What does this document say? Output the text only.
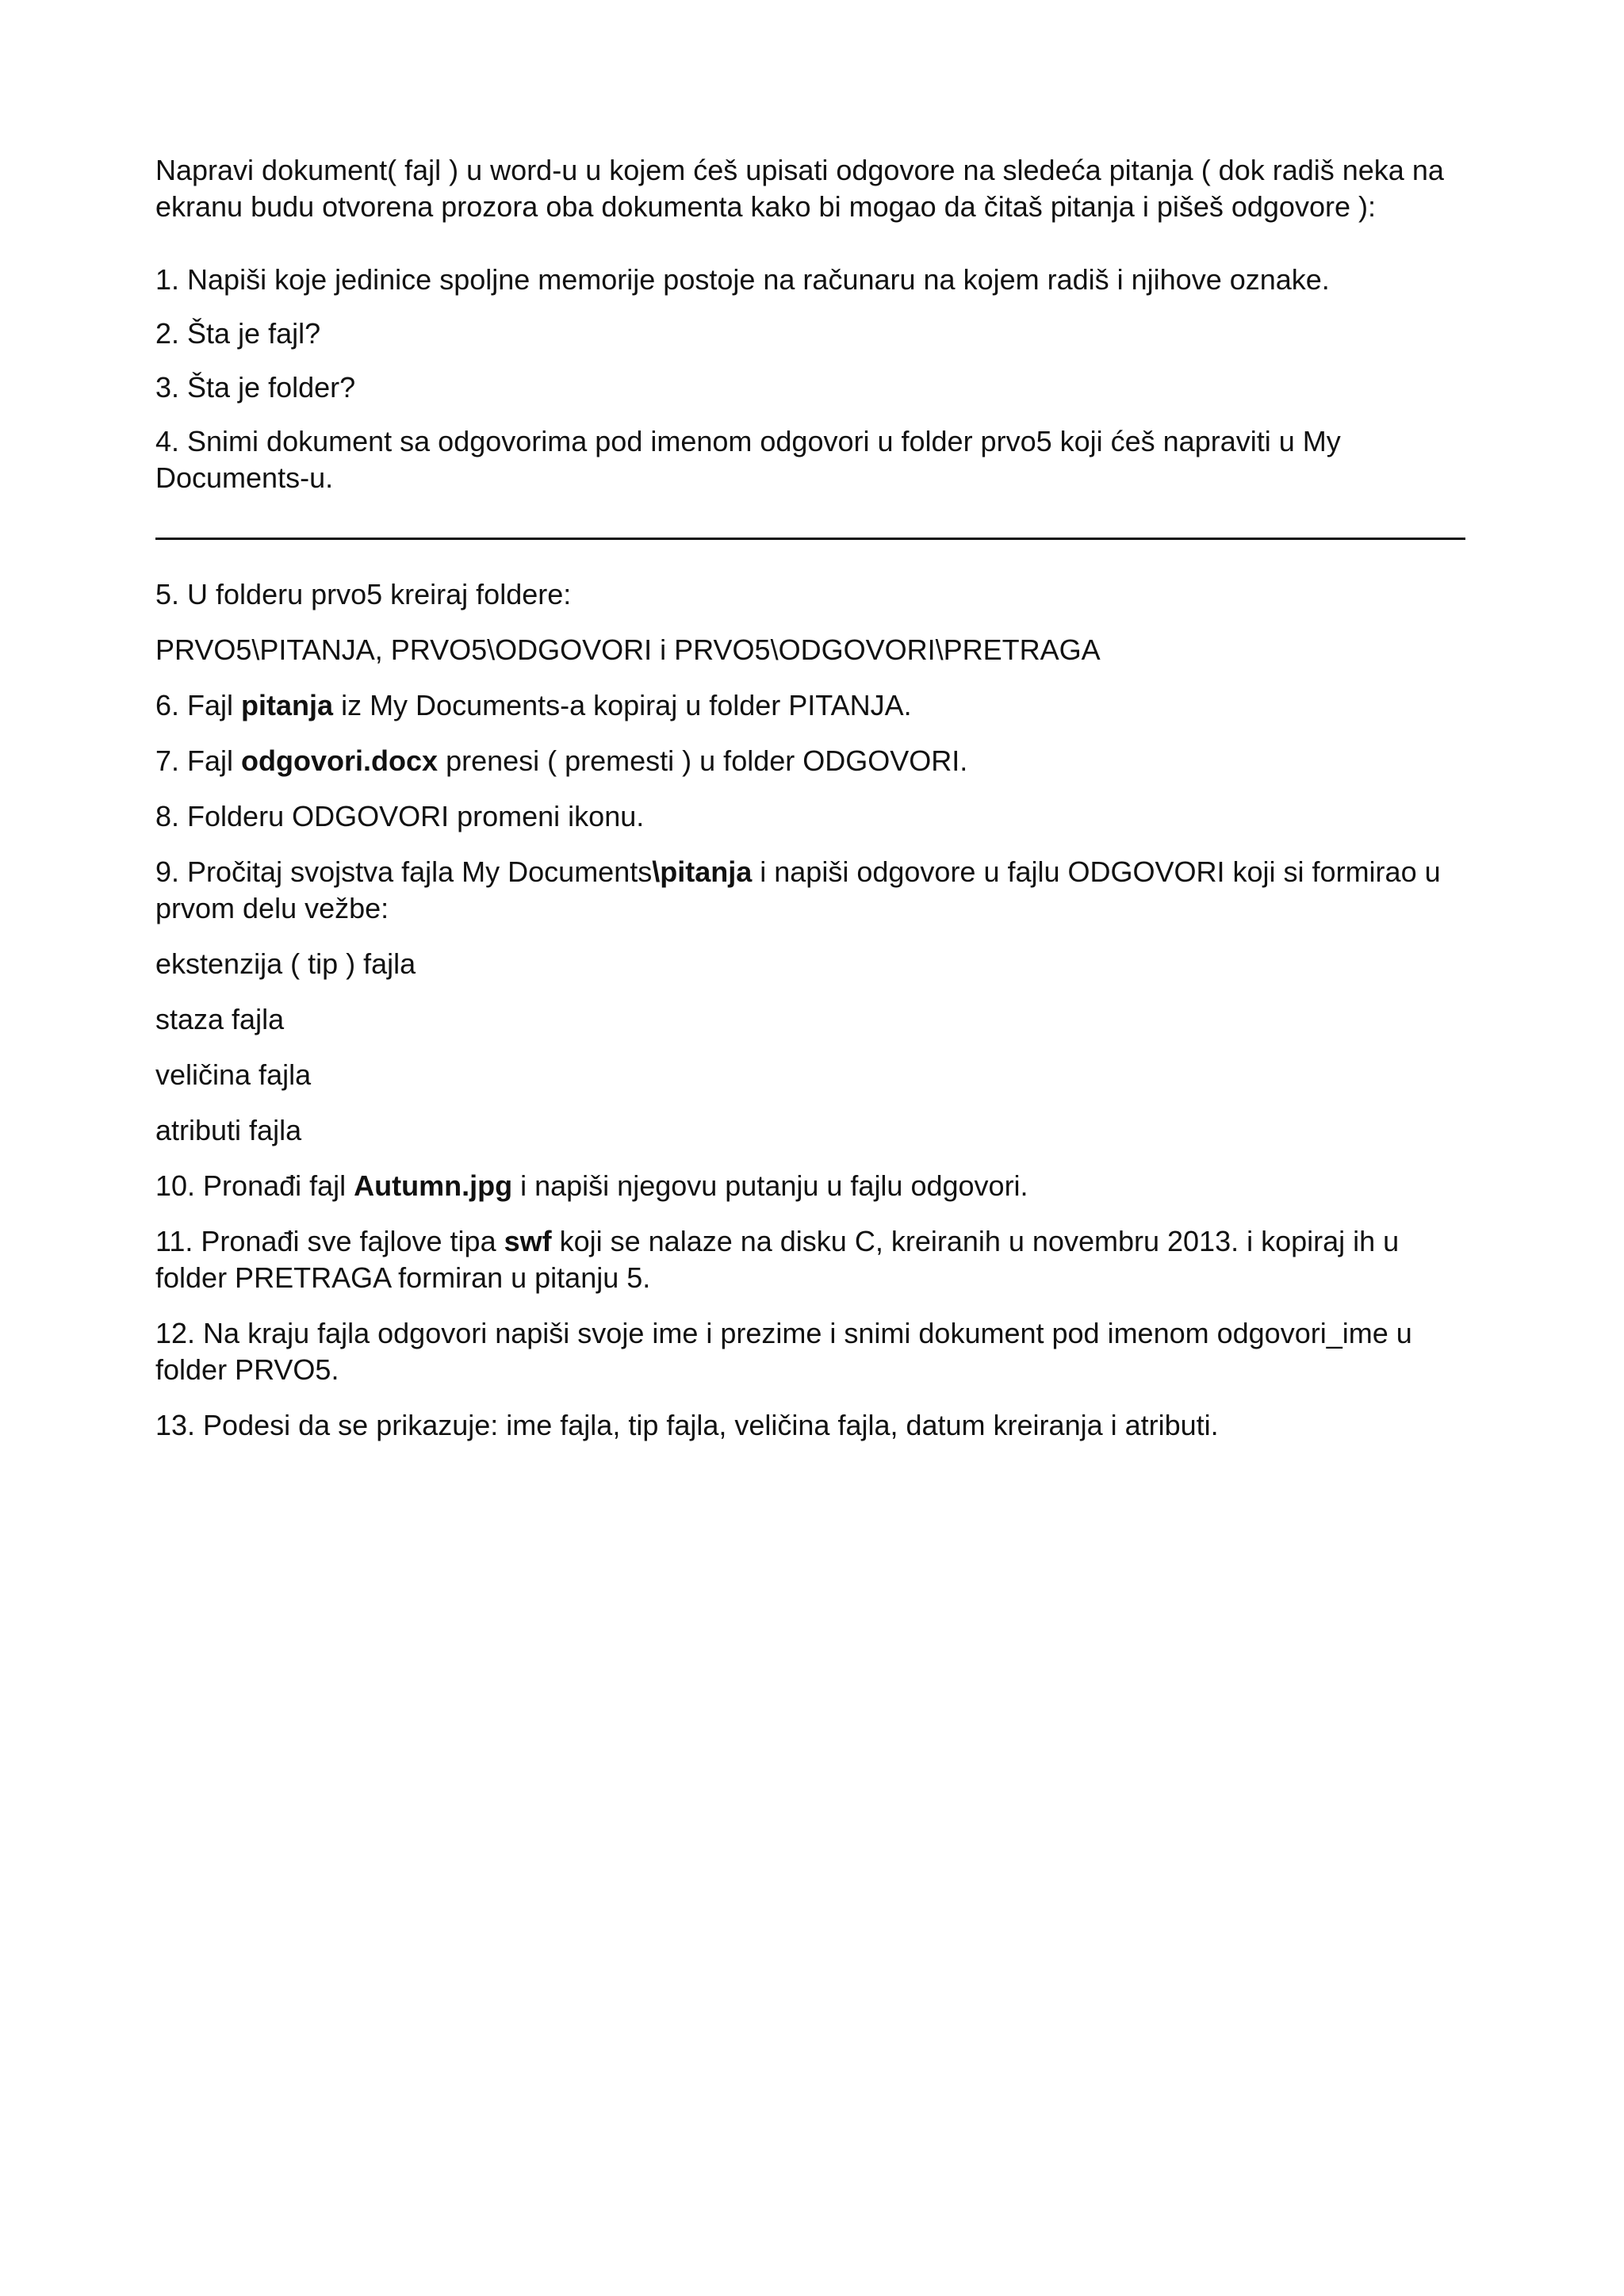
Napravi dokument( fajl ) u word-u u kojem ćeš upisati odgovore na sledeća pitanja ( dok radiš neka na ekranu budu otvorena prozora oba dokumenta kako bi mogao da čitaš pitanja i pišeš odgovore ):

1. Napiši koje jedinice spoljne memorije postoje na računaru na kojem radiš i njihove oznake.

2. Šta je fajl?

3. Šta je folder?

4. Snimi dokument sa odgovorima pod imenom odgovori u folder prvo5 koji ćeš napraviti u My Documents-u.

5. U folderu prvo5 kreiraj foldere:

PRVO5\PITANJA, PRVO5\ODGOVORI i PRVO5\ODGOVORI\PRETRAGA

6. Fajl pitanja iz My Documents-a kopiraj u folder PITANJA.

7. Fajl odgovori.docx prenesi ( premesti ) u folder ODGOVORI.

8. Folderu ODGOVORI promeni ikonu.

9. Pročitaj svojstva fajla My Documents\pitanja i napiši odgovore u fajlu ODGOVORI koji si formirao u prvom delu vežbe:

ekstenzija ( tip ) fajla

staza fajla

veličina fajla

atributi fajla

10. Pronađi fajl Autumn.jpg i napiši njegovu putanju u fajlu odgovori.

11. Pronađi sve fajlove tipa swf koji se nalaze na disku C, kreiranih u novembru 2013. i kopiraj ih u folder PRETRAGA formiran u pitanju 5.

12. Na kraju fajla odgovori napiši svoje ime i prezime i snimi dokument pod imenom odgovori_ime u folder PRVO5.

13. Podesi da se prikazuje: ime fajla, tip fajla, veličina fajla, datum kreiranja i atributi.
